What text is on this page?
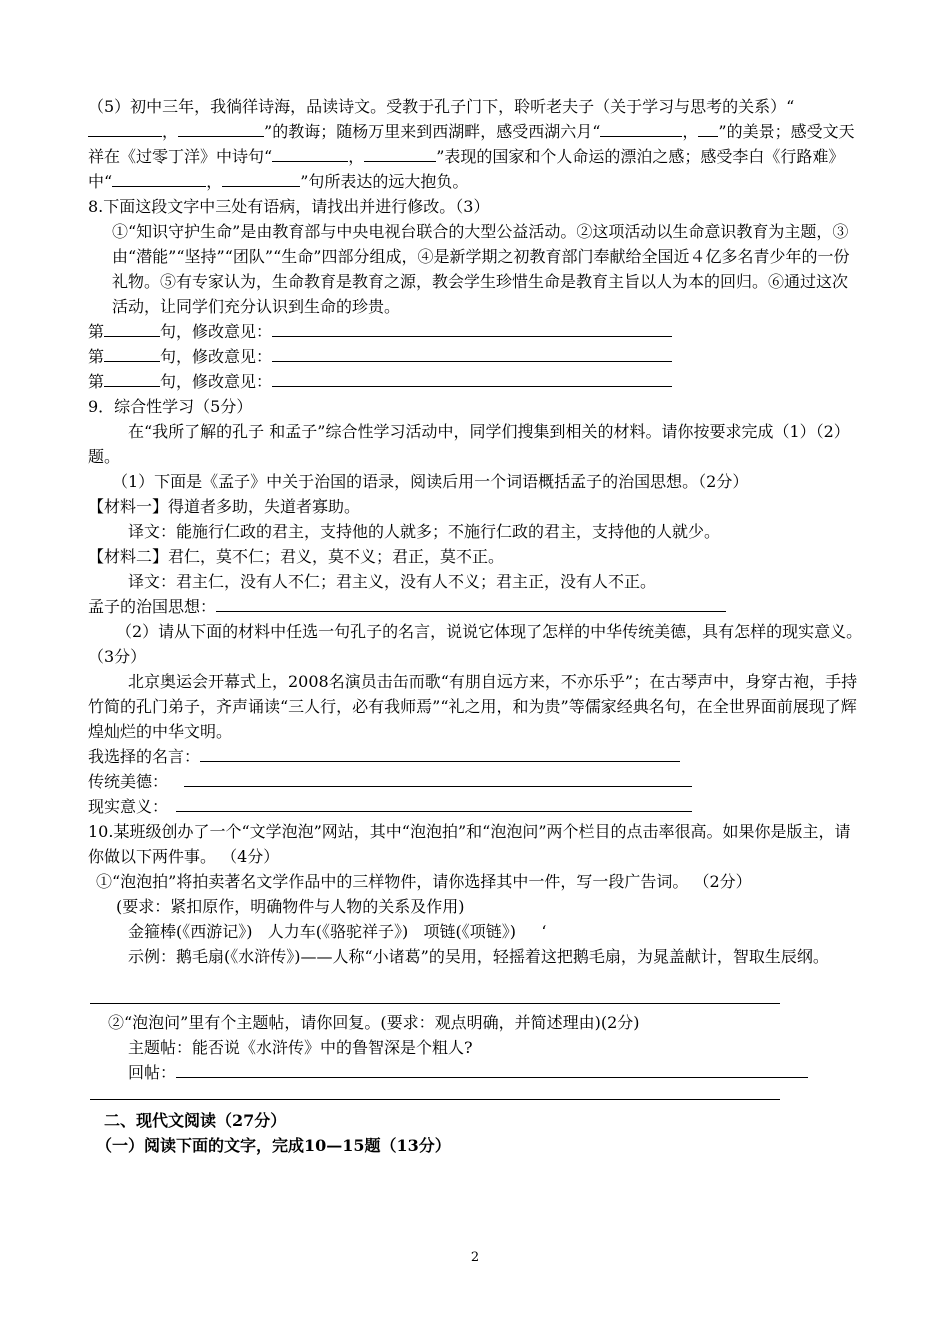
（5）初中三年，我徜徉诗海，品读诗文。受教于孔子门下，聆听老夫子（关于学习与思考的关系）“，	”的教诲；随杨万里来到西湖畔，感受西湖六月“	， ”的美景；感受文天祥在《过零丁洋》中诗句“	，	”表现的国家和个人命运的漂泊之感；感受李白《行路难》中“	，	”句所表达的远大抱负。

8.下面这段文字中三处有语病，请找出并进行修改。（3）

①“知识守护生命”是由教育部与中央电视台联合的大型公益活动。②这项活动以生命意识教育为主题，③由“潜能”“坚持”“团队”“生命”四部分组成，④是新学期之初教育部门奉献给全国近４亿多名青少年的一份礼物。⑤有专家认为，生命教育是教育之源，教会学生珍惜生命是教育主旨以人为本的回归。⑥通过这次活动，让同学们充分认识到生命的珍贵。

第	句，修改意见：

第	句，修改意见：

第	句，修改意见：

9．综合性学习（5分）

在“我所了解的孔子 和孟子”综合性学习活动中，同学们搜集到相关的材料。请你按要求完成（1）（2）题。

（1）下面是《孟子》中关于治国的语录，阅读后用一个词语概括孟子的治国思想。（2分）

【材料一】得道者多助，失道者寡助。

译文：能施行仁政的君主，支持他的人就多；不施行仁政的君主，支持他的人就少。

【材料二】君仁，莫不仁；君义，莫不义；君正，莫不正。

译文：君主仁，没有人不仁；君主义，没有人不义；君主正，没有人不正。

孟子的治国思想：

（2）请从下面的材料中任选一句孔子的名言，说说它体现了怎样的中华传统美德，具有怎样的现实意义。（3分）

北京奥运会开幕式上，2008名演员击缶而歌“有朋自远方来，不亦乐乎”；在古琴声中，身穿古袍，手持竹简的孔门弟子，齐声诵读“三人行，必有我师焉”“礼之用，和为贵”等儒家经典名句，在全世界面前展现了辉煌灿烂的中华文明。

我选择的名言：

传统美德：

现实意义：

10.某班级创办了一个“文学泡泡”网站，其中“泡泡拍”和“泡泡问”两个栏目的点击率很高。如果你是版主，请你做以下两件事。 （4分）

①“泡泡拍”将拍卖著名文学作品中的三样物件，请你选择其中一件，写一段广告词。 （2分）

(要求：紧扣原作，明确物件与人物的关系及作用)

金箍棒(《西游记》)   人力车(《骆驼祥子》)   项链(《项链》)     ‘

示例：鹅毛扇(《水浒传》)——人称“小诸葛”的吴用，轻摇着这把鹅毛扇，为晁盖献计，智取生辰纲。

②“泡泡问”里有个主题帖，请你回复。(要求：观点明确，并简述理由)(2分)

主题帖：能否说《水浒传》中的鲁智深是个粗人?

回帖：

二、现代文阅读（27分）

（一）阅读下面的文字，完成10—15题（13分）

2
